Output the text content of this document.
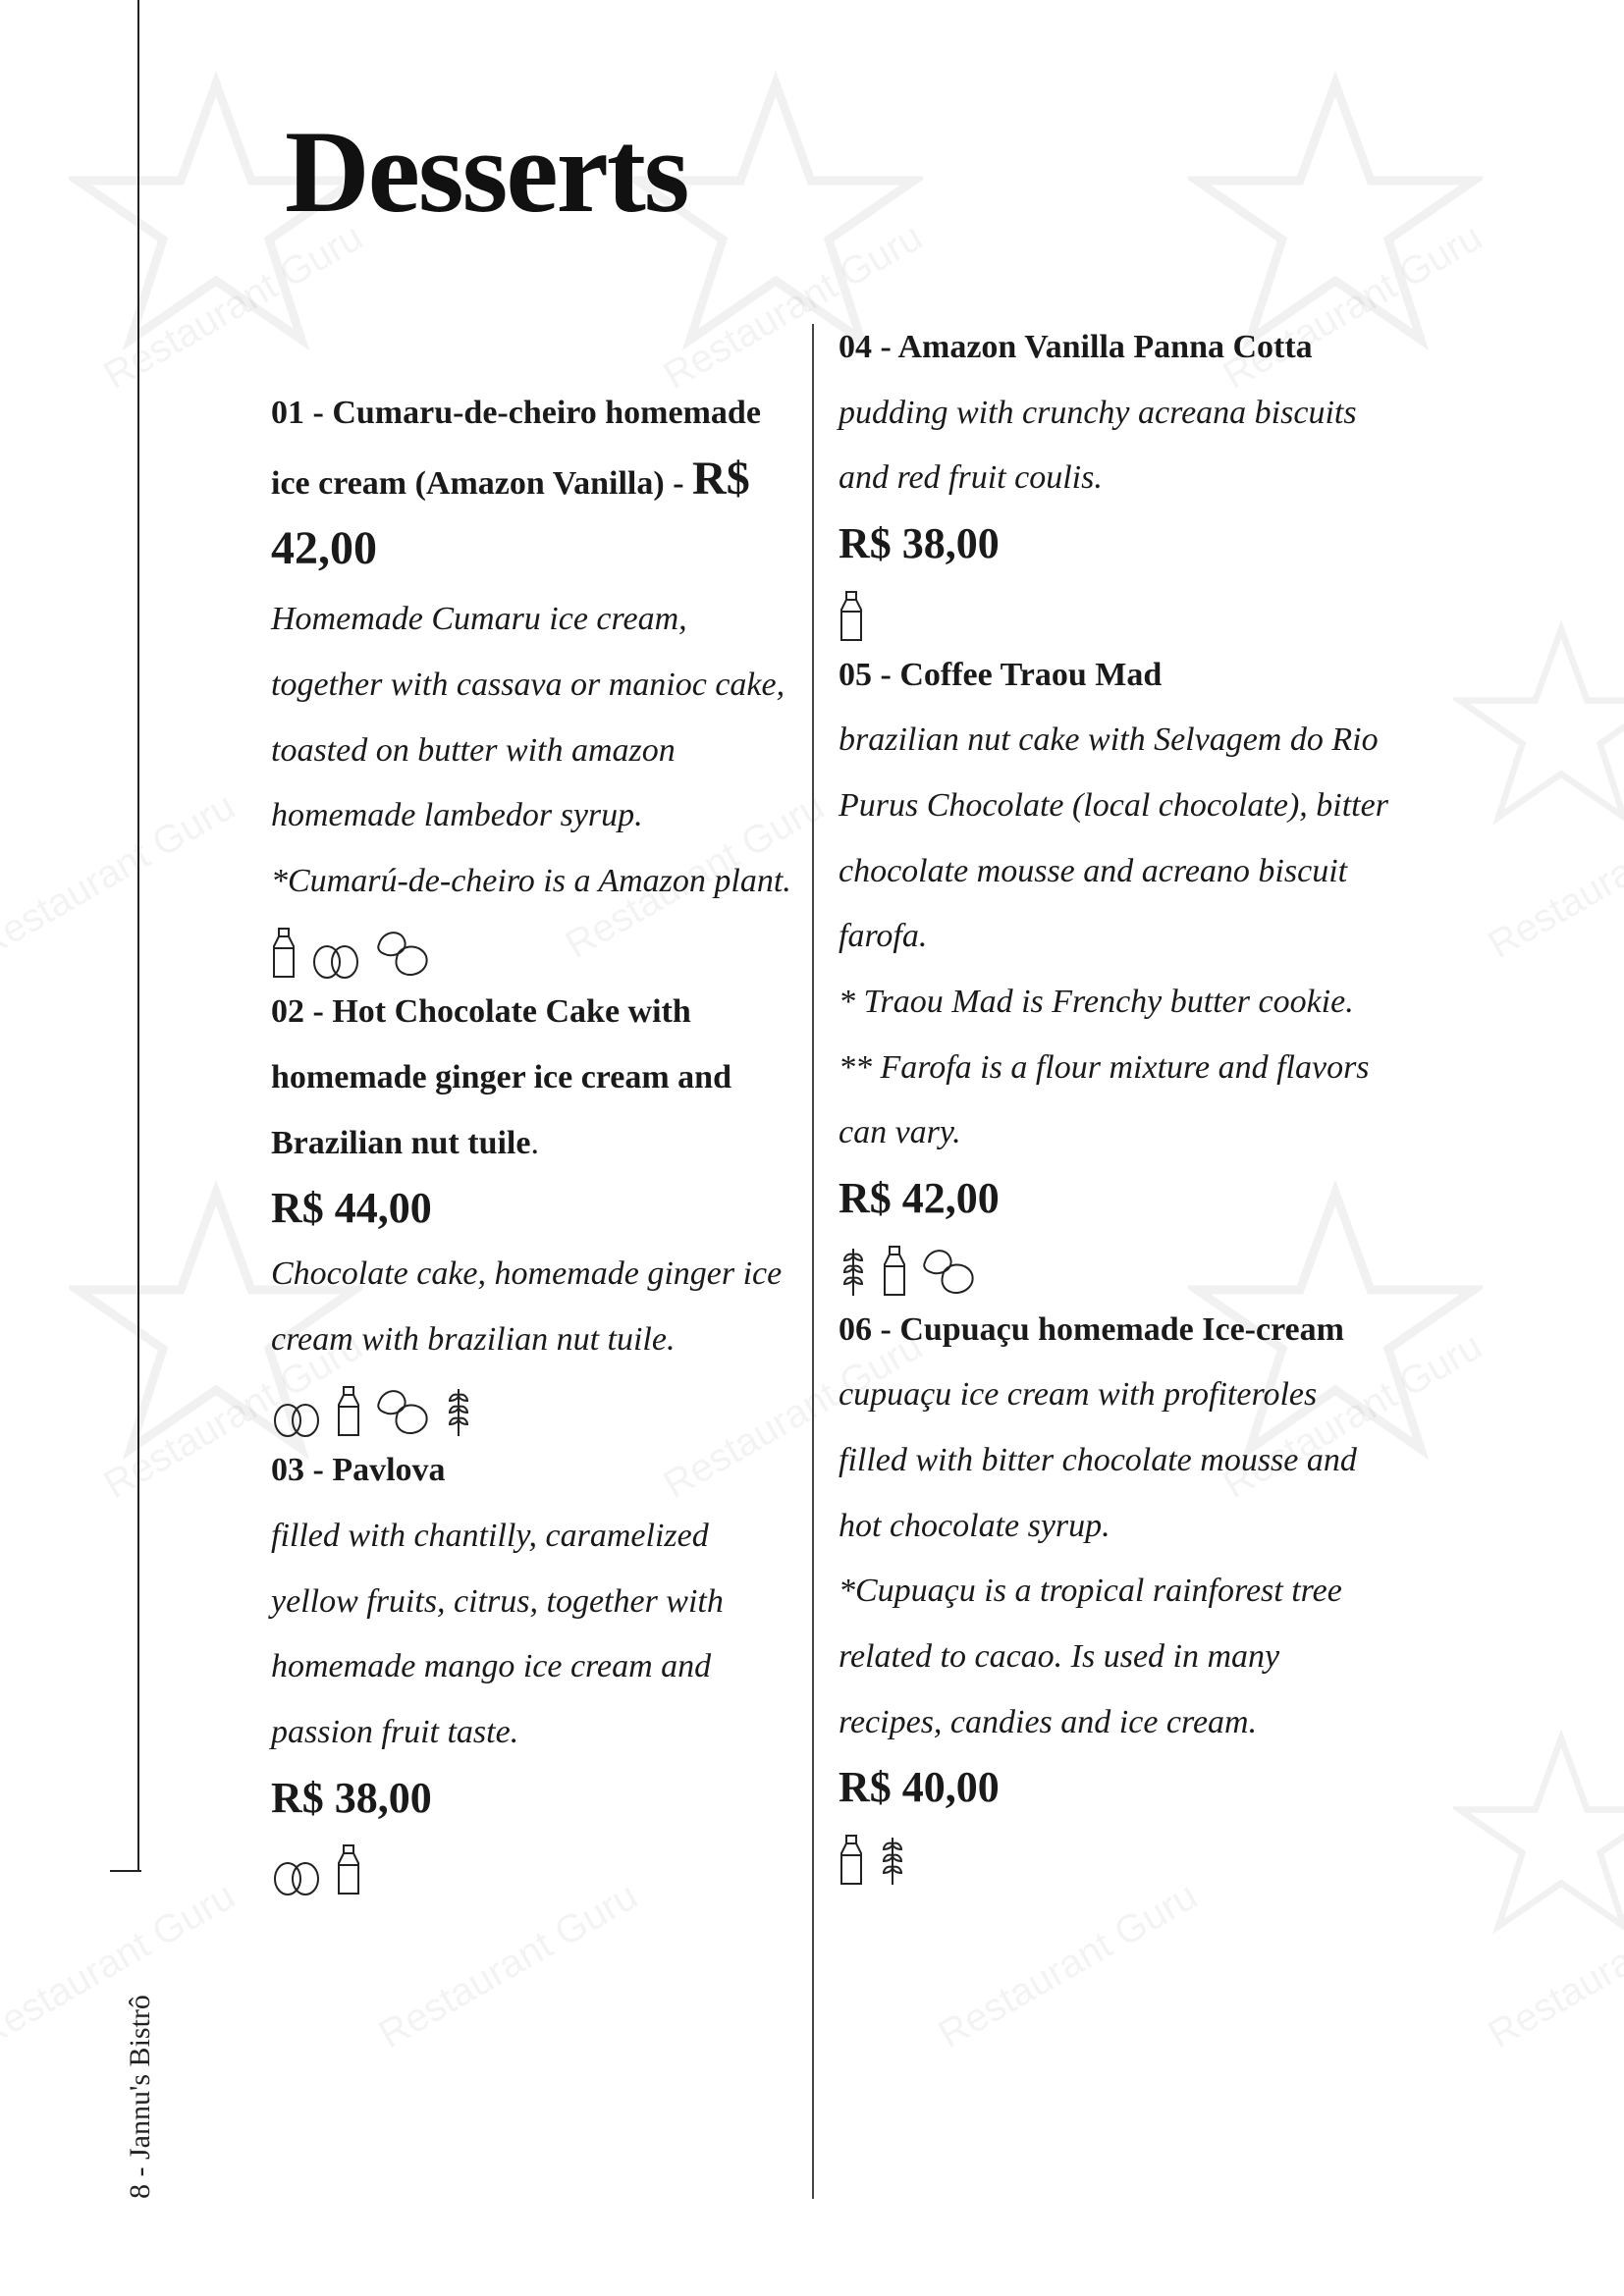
8 - Jannu's Bistrô
Desserts

01 - Cumaru-de-cheiro homemade ice cream (Amazon Vanilla) - R$ 42,00

Homemade Cumaru ice cream, together with cassava or manioc cake, toasted on butter with amazon homemade lambedor syrup.

*Cumarú-de-cheiro is a Amazon plant.

02 - Hot Chocolate Cake with homemade ginger ice cream and Brazilian nut tuile.

R$ 44,00

Chocolate cake, homemade ginger ice cream with brazilian nut tuile.

03 - Pavlova

filled with chantilly, caramelized yellow fruits, citrus, together with homemade mango ice cream and passion fruit taste.

R$ 38,00

04 - Amazon Vanilla Panna Cotta

pudding with crunchy acreana biscuits and red fruit coulis.

R$ 38,00

05 - Coffee Traou Mad

brazilian nut cake with Selvagem do Rio Purus Chocolate (local chocolate), bitter chocolate mousse and acreano biscuit farofa.

* Traou Mad is Frenchy butter cookie.

** Farofa is a flour mixture and flavors can vary.

R$ 42,00

06 - Cupuaçu homemade Ice-cream cupuaçu ice cream with profiteroles filled with bitter chocolate mousse and hot chocolate syrup.

*Cupuaçu is a tropical rainforest tree related to cacao. Is used in many recipes, candies and ice cream.

R$ 40,00
